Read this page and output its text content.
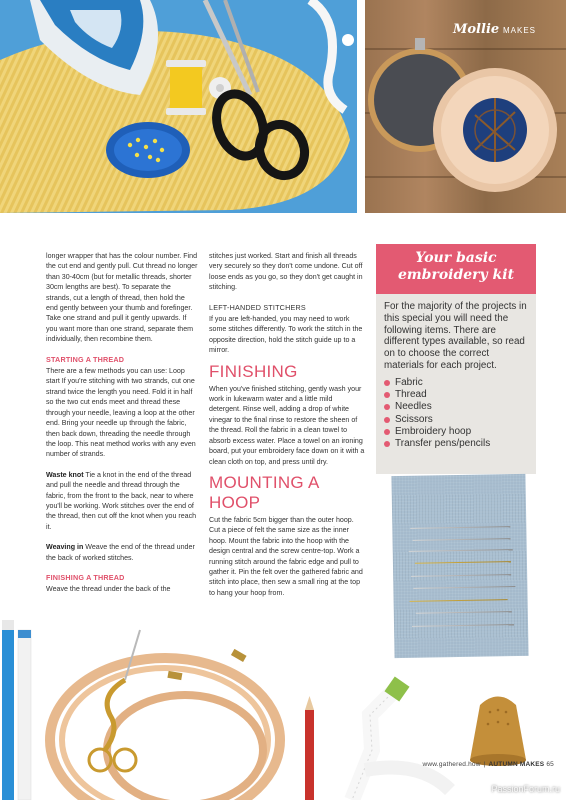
Mollie MAKES

longer wrapper that has the colour number. Find the cut end and gently pull. Cut thread no longer than 30-40cm (but for metallic threads, shorter 30cm lengths are best). To separate the strands, cut a length of thread, then hold the end gently between your thumb and forefinger. Take one strand and pull it gently upwards. If you want more than one strand, separate them individually, then recombine them.

STARTING A THREAD

There are a few methods you can use: Loop start If you're stitching with two strands, cut one strand twice the length you need. Fold it in half so the two cut ends meet and thread these through your needle, leaving a loop at the other end. Bring your needle up through the fabric, then back down, threading the needle through the loop. This neat method works with any even number of strands.

Waste knot Tie a knot in the end of the thread and pull the needle and thread through the fabric, from the front to the back, near to where you'll be working. Work stitches over the end of the thread, then cut off the knot when you reach it.

Weaving in Weave the end of the thread under the back of worked stitches.

FINISHING A THREAD

Weave the thread under the back of the

stitches just worked. Start and finish all threads very securely so they don't come undone. Cut off loose ends as you go, so they don't get caught in stitching.

LEFT-HANDED STITCHERS

If you are left-handed, you may need to work some stitches differently. To work the stitch in the opposite direction, hold the stitch guide up to a mirror.

FINISHING

When you've finished stitching, gently wash your work in lukewarm water and a little mild detergent. Rinse well, adding a drop of white vinegar to the final rinse to restore the sheen of the thread. Roll the fabric in a clean towel to absorb excess water. Place a towel on an ironing board, put your embroidery face down on it with a clean cloth on top, and press until dry.

MOUNTING A HOOP

Cut the fabric 5cm bigger than the outer hoop. Cut a piece of felt the same size as the inner hoop. Mount the fabric into the hoop with the design central and the screw centre-top. Work a running stitch around the fabric edge and pull to gather it. Pin the felt over the gathered fabric and stitch into place, then sew a small ring at the top to hang your hoop from.

Your basic
embroidery kit

For the majority of the projects in this special you will need the following items. There are different types available, so read on to choose the correct materials for each project.

Fabric
Thread
Needles
Scissors
Embroidery hoop
Transfer pens/pencils
www.gathered.how | AUTUMN MAKES 65
PassionForum.ru
